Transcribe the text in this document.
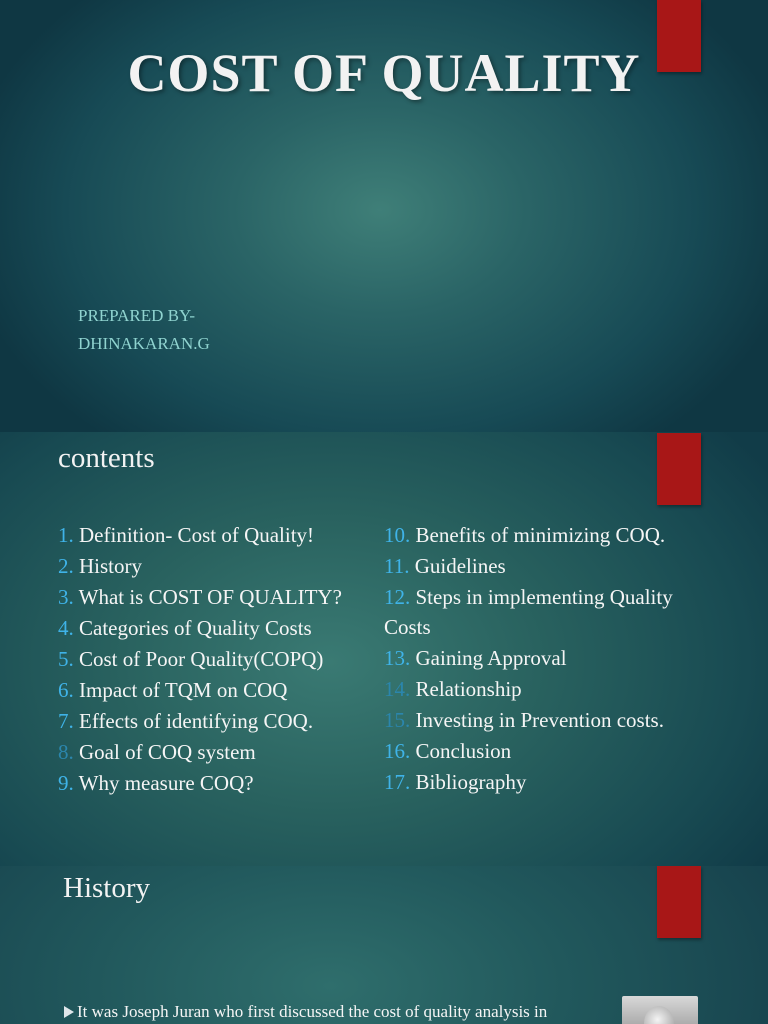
COST OF QUALITY
PREPARED BY-
DHINAKARAN.G
contents
1. Definition- Cost of Quality!
2. History
3. What is COST OF QUALITY?
4. Categories of Quality Costs
5. Cost of Poor Quality(COPQ)
6. Impact of TQM on COQ
7. Effects of identifying COQ.
8. Goal of COQ system
9. Why measure COQ?
10. Benefits of minimizing COQ.
11. Guidelines
12. Steps in implementing Quality Costs
13. Gaining Approval
14. Relationship
15. Investing in Prevention costs.
16. Conclusion
17. Bibliography
History
It was Joseph Juran who first discussed the cost of quality analysis in
